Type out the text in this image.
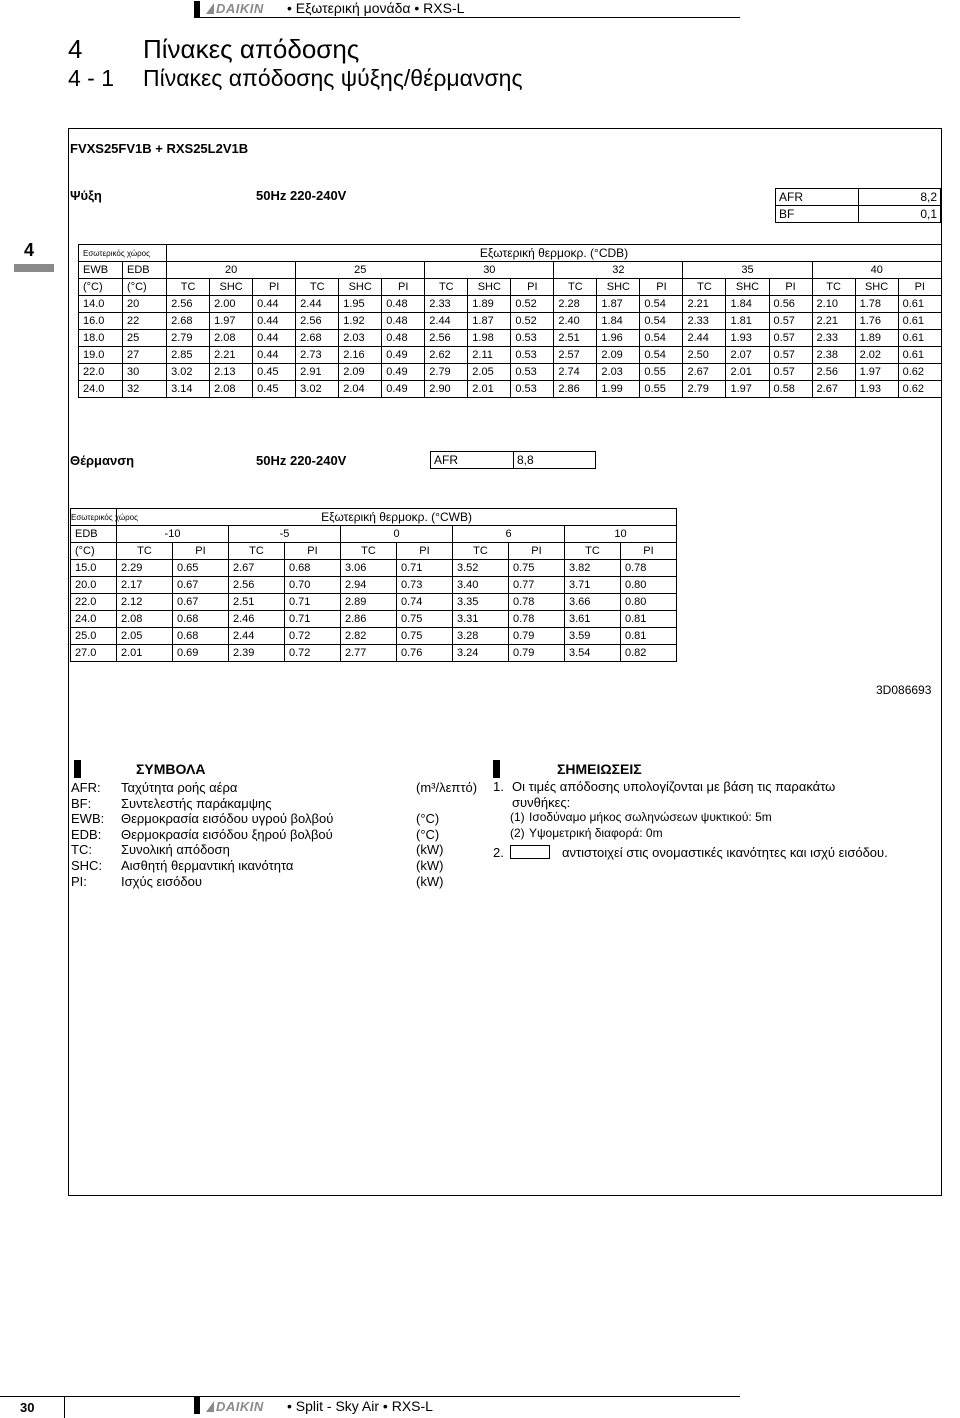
DAIKIN • Εξωτερική μονάδα • RXS-L
4 Πίνακες απόδοσης
4 - 1 Πίνακες απόδοσης ψύξης/θέρμανσης
4
FVXS25FV1B + RXS25L2V1B
Ψύξη	50Hz 220-240V	AFR	8,2
BF	0,1
Εσωτερικός χώρος		Εξωτερική θερμοκρ. (°CDB)																	
EWB	EDB	20			25			30			32			35			40		
(°C)	(°C)	TC	SHC	PI	TC	SHC	PI	TC	SHC	PI	TC	SHC	PI	TC	SHC	PI	TC	SHC	PI
14.0	20	2.56	2.00	0.44	2.44	1.95	0.48	2.33	1.89	0.52	2.28	1.87	0.54	2.21	1.84	0.56	2.10	1.78	0.61
16.0	22	2.68	1.97	0.44	2.56	1.92	0.48	2.44	1.87	0.52	2.40	1.84	0.54	2.33	1.81	0.57	2.21	1.76	0.61
18.0	25	2.79	2.08	0.44	2.68	2.03	0.48	2.56	1.98	0.53	2.51	1.96	0.54	2.44	1.93	0.57	2.33	1.89	0.61
19.0	27	2.85	2.21	0.44	2.73	2.16	0.49	2.62	2.11	0.53	2.57	2.09	0.54	2.50	2.07	0.57	2.38	2.02	0.61
22.0	30	3.02	2.13	0.45	2.91	2.09	0.49	2.79	2.05	0.53	2.74	2.03	0.55	2.67	2.01	0.57	2.56	1.97	0.62
24.0	32	3.14	2.08	0.45	3.02	2.04	0.49	2.90	2.01	0.53	2.86	1.99	0.55	2.79	1.97	0.58	2.67	1.93	0.62
Θέρμανση	50Hz 220-240V	AFR	8,8
Εσωτερικός χώρος	Εξωτερική θερμοκρ. (°CWB)									
EDB	-10		-5		0		6		10	
(°C)	TC	PI	TC	PI	TC	PI	TC	PI	TC	PI
15.0	2.29	0.65	2.67	0.68	3.06	0.71	3.52	0.75	3.82	0.78
20.0	2.17	0.67	2.56	0.70	2.94	0.73	3.40	0.77	3.71	0.80
22.0	2.12	0.67	2.51	0.71	2.89	0.74	3.35	0.78	3.66	0.80
24.0	2.08	0.68	2.46	0.71	2.86	0.75	3.31	0.78	3.61	0.81
25.0	2.05	0.68	2.44	0.72	2.82	0.75	3.28	0.79	3.59	0.81
27.0	2.01	0.69	2.39	0.72	2.77	0.76	3.24	0.79	3.54	0.82
3D086693
ΣΥΜΒΟΛΑ
AFR: Ταχύτητα ροής αέρα	(m³/λεπτό)
BF: Συντελεστής παράκαμψης
EWB: Θερμοκρασία εισόδου υγρού βολβού	(°C)
EDB: Θερμοκρασία εισόδου ξηρού βολβού	(°C)
TC: Συνολική απόδοση	(kW)
SHC: Αισθητή θερμαντική ικανότητα	(kW)
PI:	Ισχύς εισόδου	(kW)
ΣΗΜΕΙΩΣΕΙΣ
1. Οι τιμές απόδοσης υπολογίζονται με βάση τις παρακάτω
συνθήκες:
(1) Ισοδύναμο μήκος σωληνώσεων ψυκτικού: 5m
(2) Υψομετρική διαφορά: 0m
2.	αντιστοιχεί στις ονομαστικές ικανότητες και ισχύ εισόδου.
30	DAIKIN • Split - Sky Air • RXS-L
